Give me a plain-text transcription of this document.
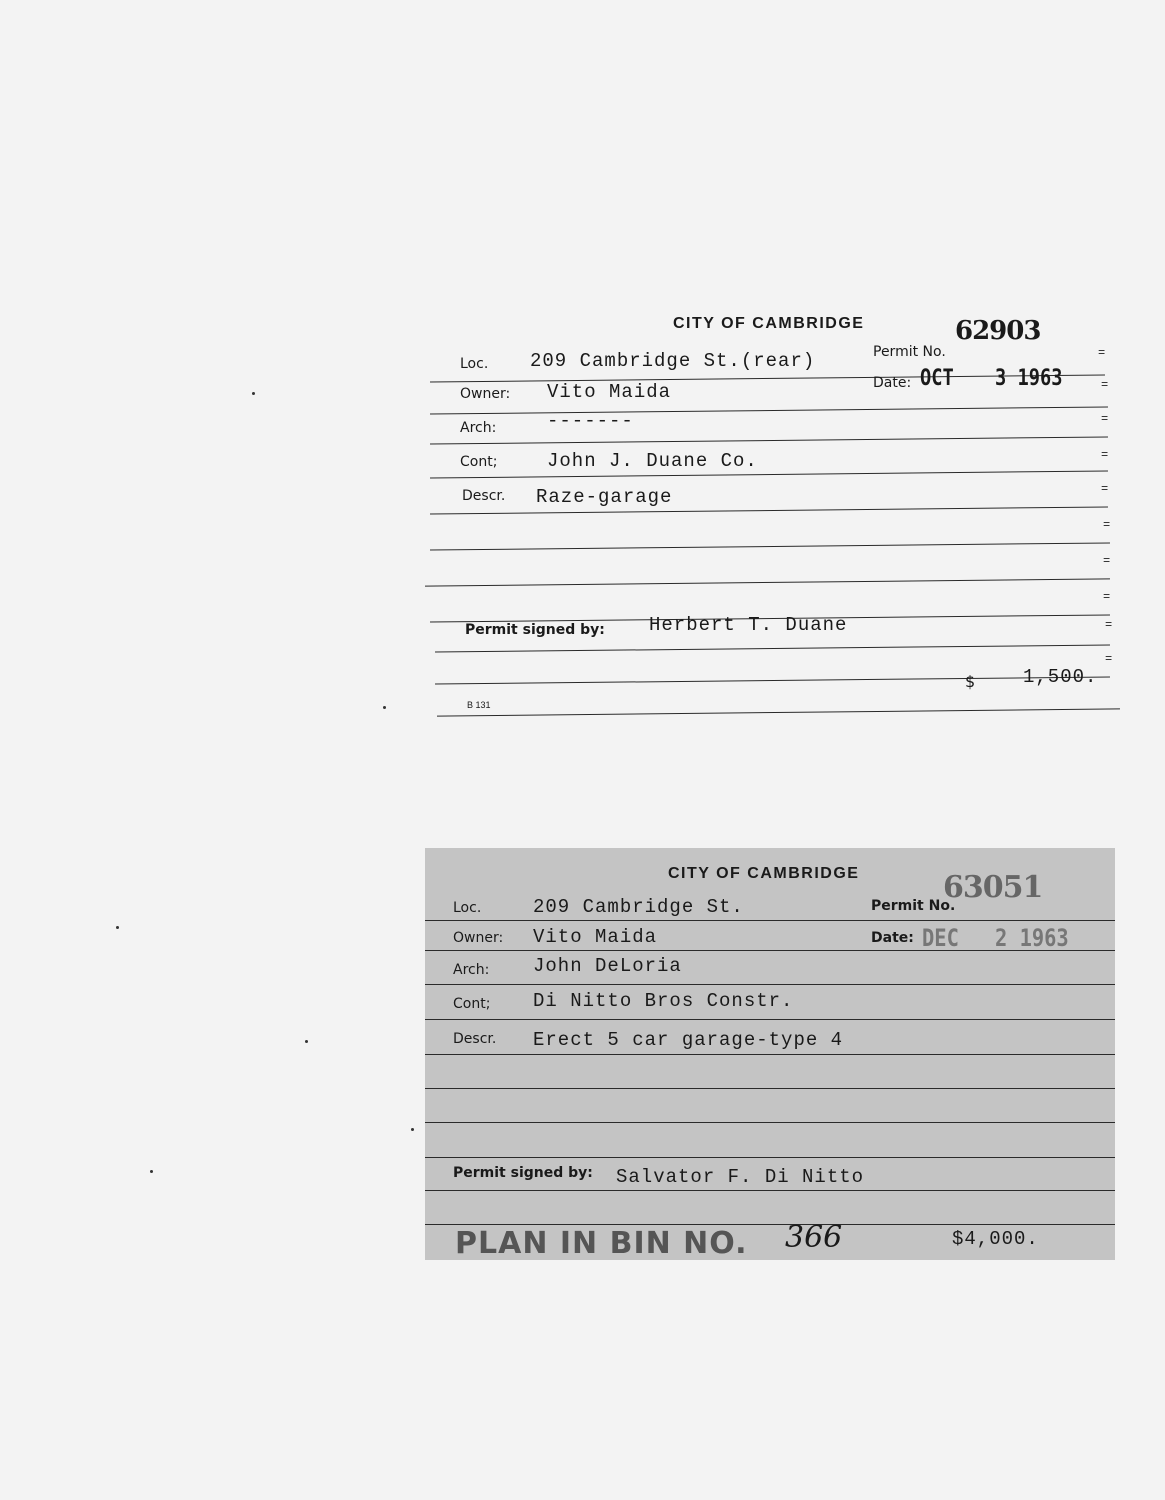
CITY OF CAMBRIDGE	62903
Loc. 209 Cambridge St.(rear)	Permit No.	=
Owner: Vito Maida	Date: OCT 3 1963	=
Arch:	-------	=
Cont;	John J. Duane Co.	=
Descr. Raze-garage	=
=
=
=
Permit signed by: Herbert T. Duane	=
=
$	1,500.
B 131
CITY OF CAMBRIDGE	63051
Loc.	209 Cambridge St.	Permit No.
Owner: Vito Maida	Date: DEC 2 1963
Arch: John DeLoria
Cont; Di Nitto Bros Constr.
Descr. Erect 5 car garage-type 4
Permit signed by: Salvator F. Di Nitto
PLAN IN BIN NO. 366	$4,000.
